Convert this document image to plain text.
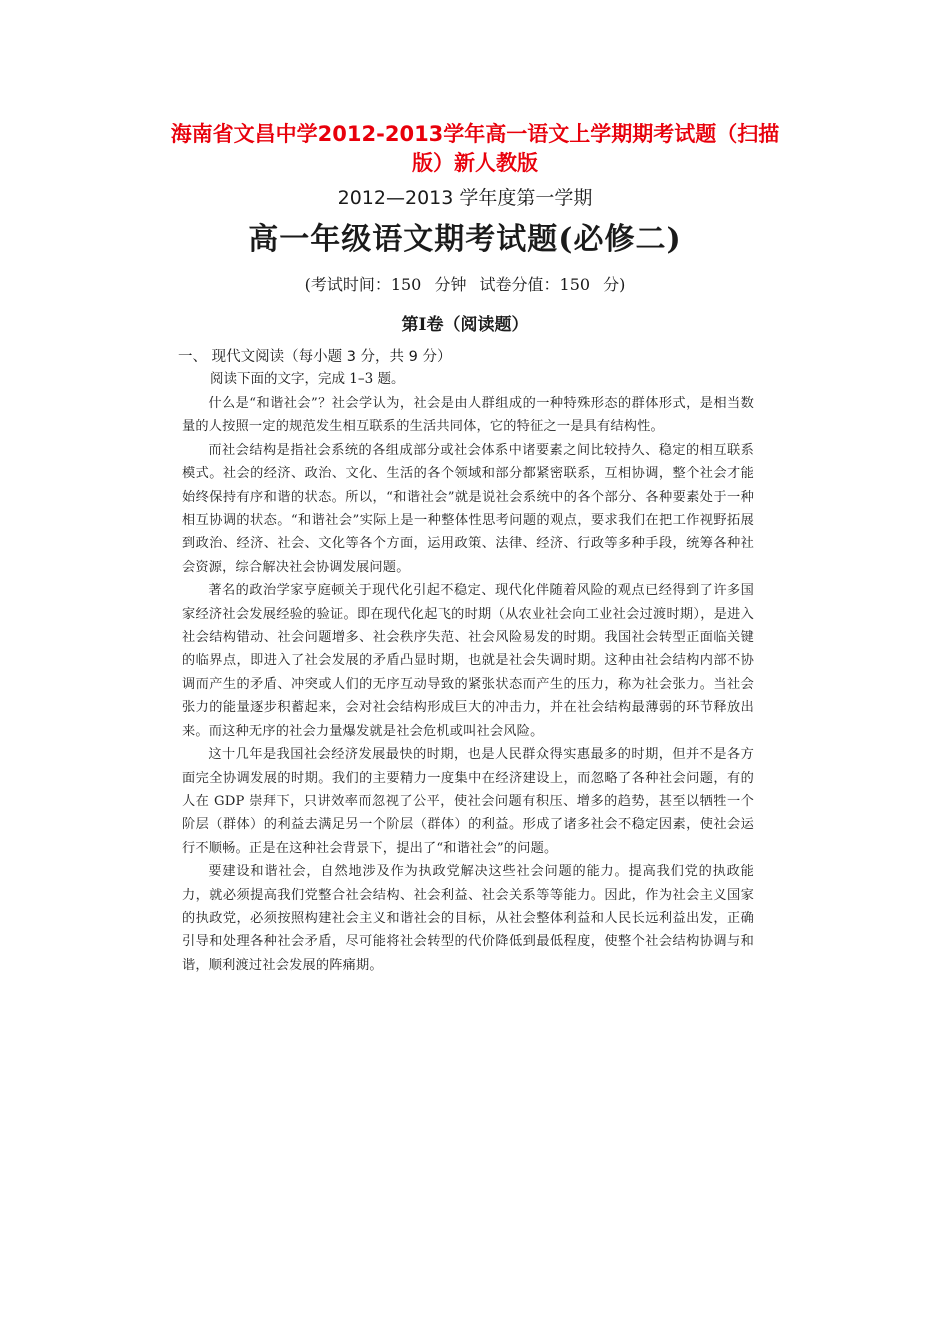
海南省文昌中学2012-2013学年高一语文上学期期考试题（扫描
版）新人教版
2012—2013 学年度第一学期
高一年级语文期考试题(必修二)
(考试时间：150 分钟 试卷分值：150 分)
第Ⅰ卷（阅读题）
一、 现代文阅读（每小题 3 分，共 9 分）
阅读下面的文字，完成 1–3 题。

什么是“和谐社会”？社会学认为，社会是由人群组成的一种特殊形态的群体形式，是相当数量的人按照一定的规范发生相互联系的生活共同体，它的特征之一是具有结构性。

而社会结构是指社会系统的各组成部分或社会体系中诸要素之间比较持久、稳定的相互联系模式。社会的经济、政治、文化、生活的各个领域和部分都紧密联系，互相协调，整个社会才能始终保持有序和谐的状态。所以，“和谐社会”就是说社会系统中的各个部分、各种要素处于一种相互协调的状态。“和谐社会”实际上是一种整体性思考问题的观点，要求我们在把工作视野拓展到政治、经济、社会、文化等各个方面，运用政策、法律、经济、行政等多种手段，统筹各种社会资源，综合解决社会协调发展问题。

著名的政治学家亨庭顿关于现代化引起不稳定、现代化伴随着风险的观点已经得到了许多国家经济社会发展经验的验证。即在现代化起飞的时期（从农业社会向工业社会过渡时期），是进入社会结构错动、社会问题增多、社会秩序失范、社会风险易发的时期。我国社会转型正面临关键的临界点，即进入了社会发展的矛盾凸显时期，也就是社会失调时期。这种由社会结构内部不协调而产生的矛盾、冲突或人们的无序互动导致的紧张状态而产生的压力，称为社会张力。当社会张力的能量逐步积蓄起来，会对社会结构形成巨大的冲击力，并在社会结构最薄弱的环节释放出来。而这种无序的社会力量爆发就是社会危机或叫社会风险。

这十几年是我国社会经济发展最快的时期，也是人民群众得实惠最多的时期，但并不是各方面完全协调发展的时期。我们的主要精力一度集中在经济建设上，而忽略了各种社会问题，有的人在 GDP 崇拜下，只讲效率而忽视了公平，使社会问题有积压、增多的趋势，甚至以牺牲一个阶层（群体）的利益去满足另一个阶层（群体）的利益。形成了诸多社会不稳定因素，使社会运行不顺畅。正是在这种社会背景下，提出了“和谐社会”的问题。

要建设和谐社会，自然地涉及作为执政党解决这些社会问题的能力。提高我们党的执政能力，就必须提高我们党整合社会结构、社会利益、社会关系等等能力。因此，作为社会主义国家的执政党，必须按照构建社会主义和谐社会的目标，从社会整体利益和人民长远利益出发，正确引导和处理各种社会矛盾，尽可能将社会转型的代价降低到最低程度，使整个社会结构协调与和谐，顺利渡过社会发展的阵痛期。
